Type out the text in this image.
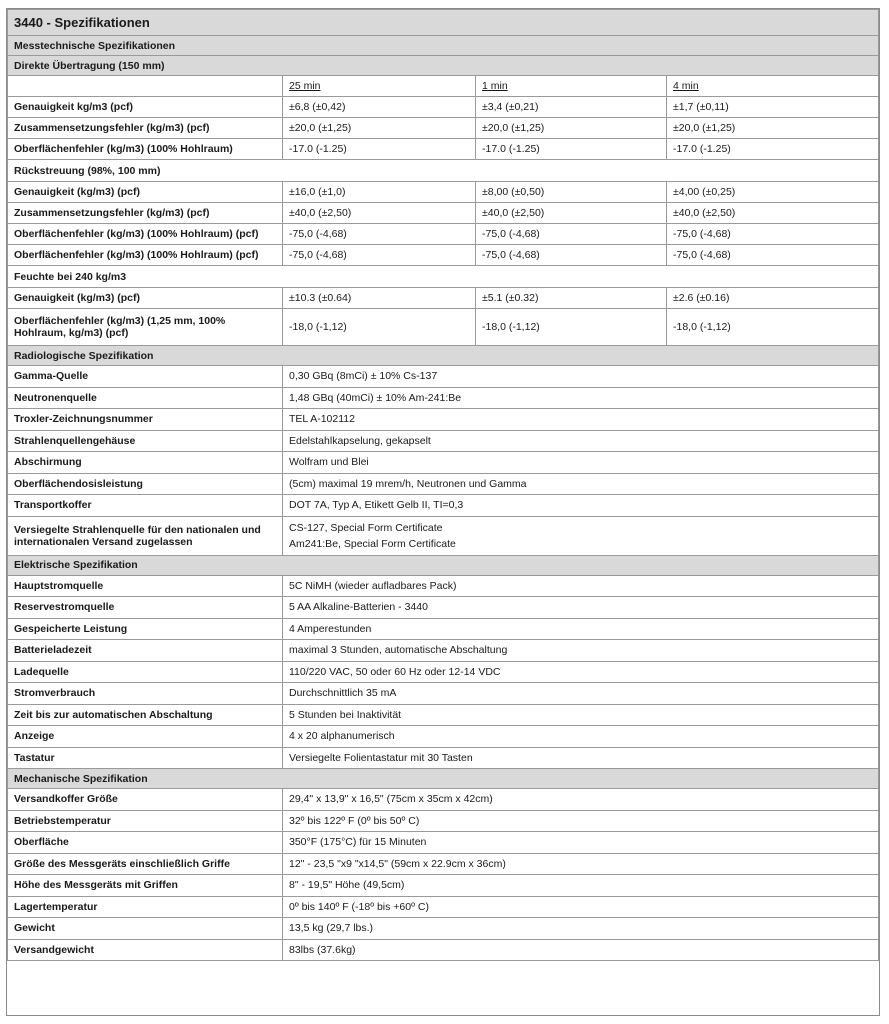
3440 - Spezifikationen			
Messtechnische Spezifikationen			
Direkte Übertragung (150 mm)			
	25 min	1 min	4 min
Genauigkeit kg/m3 (pcf)	±6,8 (±0,42)	±3,4 (±0,21)	±1,7 (±0,11)
Zusammensetzungsfehler (kg/m3) (pcf)	±20,0 (±1,25)	±20,0 (±1,25)	±20,0 (±1,25)
Oberflächenfehler (kg/m3) (100% Hohlraum)	-17.0 (-1.25)	-17.0 (-1.25)	-17.0 (-1.25)
Rückstreuung (98%, 100 mm)			
Genauigkeit (kg/m3) (pcf)	±16,0 (±1,0)	±8,00 (±0,50)	±4,00 (±0,25)
Zusammensetzungsfehler (kg/m3) (pcf)	±40,0 (±2,50)	±40,0 (±2,50)	±40,0 (±2,50)
Oberflächenfehler (kg/m3) (100% Hohlraum) (pcf)	-75,0 (-4,68)	-75,0 (-4,68)	-75,0 (-4,68)
Oberflächenfehler (kg/m3) (100% Hohlraum) (pcf)	-75,0 (-4,68)	-75,0 (-4,68)	-75,0 (-4,68)
Feuchte bei 240 kg/m3			
Genauigkeit (kg/m3) (pcf)	±10.3 (±0.64)	±5.1 (±0.32)	±2.6 (±0.16)
Oberflächenfehler (kg/m3) (1,25 mm, 100% Hohlraum, kg/m3) (pcf)	-18,0 (-1,12)	-18,0 (-1,12)	-18,0 (-1,12)
Radiologische Spezifikation			
Gamma-Quelle	0,30 GBq (8mCi) ± 10% Cs-137		
Neutronenquelle	1,48 GBq (40mCi) ± 10% Am-241:Be		
Troxler-Zeichnungsnummer	TEL A-102112		
Strahlenquellengehäuse	Edelstahlkapselung, gekapselt		
Abschirmung	Wolfram und Blei		
Oberflächendosisleistung	(5cm) maximal 19 mrem/h, Neutronen und Gamma		
Transportkoffer	DOT 7A, Typ A, Etikett Gelb II, TI=0,3		
Versiegelte Strahlenquelle für den nationalen und internationalen Versand zugelassen	CS-127, Special Form Certificate
Am241:Be, Special Form Certificate		

Elektrische Spezifikation			
Hauptstromquelle	5C NiMH (wieder aufladbares Pack)		
Reservestromquelle	5 AA Alkaline-Batterien - 3440		
Gespeicherte Leistung	4 Amperestunden		
Batterieladezeit	maximal 3 Stunden, automatische Abschaltung		
Ladequelle	110/220 VAC, 50 oder 60 Hz oder 12-14 VDC		
Stromverbrauch	Durchschnittlich 35 mA		
Zeit bis zur automatischen Abschaltung	5 Stunden bei Inaktivität		
Anzeige	4 x 20 alphanumerisch		
Tastatur	Versiegelte Folientastatur mit 30 Tasten		
Mechanische Spezifikation			
Versandkoffer Größe	29,4" x 13,9" x 16,5" (75cm x 35cm x 42cm)		
Betriebstemperatur	32º bis 122º F (0º bis 50º C)		
Oberfläche	350°F (175°C) für 15 Minuten		
Größe des Messgeräts einschließlich Griffe	12" - 23,5 "x9 "x14,5" (59cm x 22.9cm x 36cm)		
Höhe des Messgeräts mit Griffen	8" - 19,5" Höhe (49,5cm)		
Lagertemperatur	0º bis 140º F (-18º bis +60º C)		
Gewicht	13,5 kg (29,7 lbs.)		
Versandgewicht	83lbs (37.6kg)		
